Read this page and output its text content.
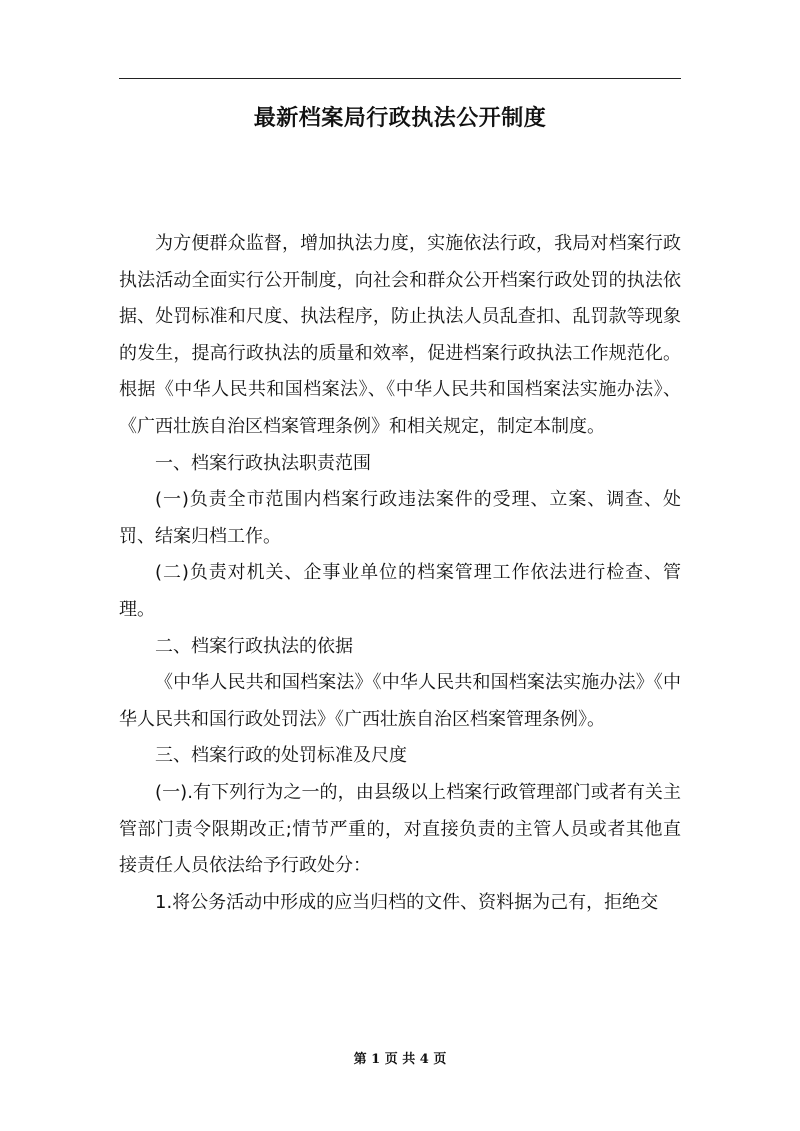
最新档案局行政执法公开制度

为方便群众监督，增加执法力度，实施依法行政，我局对档案行政执法活动全面实行公开制度，向社会和群众公开档案行政处罚的执法依据、处罚标准和尺度、执法程序，防止执法人员乱查扣、乱罚款等现象的发生，提高行政执法的质量和效率，促进档案行政执法工作规范化。根据《中华人民共和国档案法》、《中华人民共和国档案法实施办法》、《广西壮族自治区档案管理条例》和相关规定，制定本制度。

一、档案行政执法职责范围

(一)负责全市范围内档案行政违法案件的受理、立案、调查、处罚、结案归档工作。

(二)负责对机关、企事业单位的档案管理工作依法进行检查、管理。

二、档案行政执法的依据

《中华人民共和国档案法》《中华人民共和国档案法实施办法》《中华人民共和国行政处罚法》《广西壮族自治区档案管理条例》。

三、档案行政的处罚标准及尺度

(一).有下列行为之一的，由县级以上档案行政管理部门或者有关主管部门责令限期改正;情节严重的，对直接负责的主管人员或者其他直接责任人员依法给予行政处分：

1.将公务活动中形成的应当归档的文件、资料据为己有，拒绝交

第 1 页 共 4 页
